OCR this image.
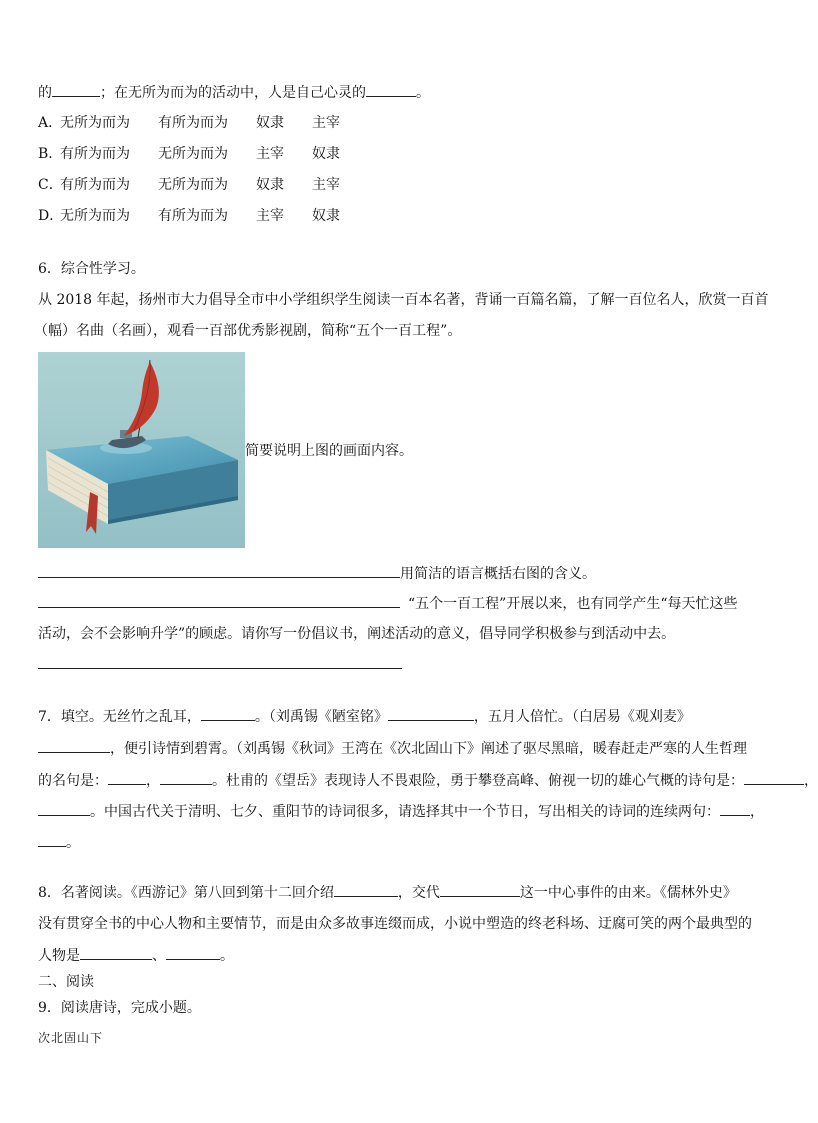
的	；在无所为而为的活动中，人是自己心灵的	。
A．无所为而为 有所为而为 奴隶 主宰
B．有所为而为 无所为而为 主宰 奴隶
C．有所为而为 无所为而为 奴隶 主宰
D．无所为而为 有所为而为 主宰 奴隶
6．综合性学习。
从 2018 年起，扬州市大力倡导全市中小学组织学生阅读一百本名著，背诵一百篇名篇，了解一百位名人，欣赏一百首
（幅）名曲（名画），观看一百部优秀影视剧，简称“五个一百工程”。
简要说明上图的画面内容。
用简洁的语言概括右图的含义。
“五个一百工程”开展以来，也有同学产生“每天忙这些
活动，会不会影响升学”的顾虑。请你写一份倡议书，阐述活动的意义，倡导同学积极参与到活动中去。
7．填空。无丝竹之乱耳，	。（刘禹锡《陋室铭》	，五月人倍忙。（白居易《观刈麦》
，便引诗情到碧霄。（刘禹锡《秋词》王湾在《次北固山下》阐述了驱尽黑暗，暖春赶走严寒的人生哲理
的名句是：	，	。杜甫的《望岳》表现诗人不畏艰险，勇于攀登高峰、俯视一切的雄心气概的诗句是：	，
。中国古代关于清明、七夕、重阳节的诗词很多，请选择其中一个节日，写出相关的诗词的连续两句： ，
。
8．名著阅读。《西游记》第八回到第十二回介绍	，交代	这一中心事件的由来。《儒林外史》
没有贯穿全书的中心人物和主要情节，而是由众多故事连缀而成，小说中塑造的终老科场、迂腐可笑的两个最典型的
人物是	、	。
二、阅读
9．阅读唐诗，完成小题。
次北固山下
